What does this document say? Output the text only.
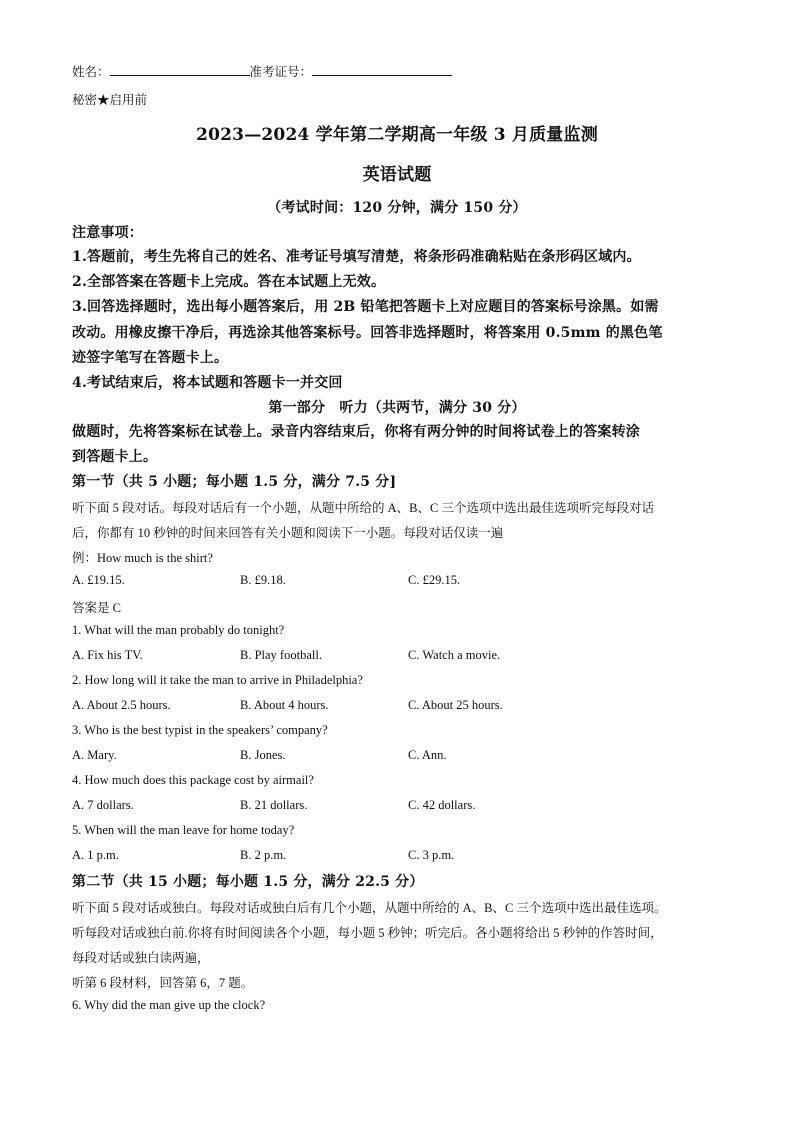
姓名：	准考证号：
秘密★启用前
2023—2024 学年第二学期高一年级 3 月质量监测
英语试题
（考试时间：120 分钟，满分 150 分）
注意事项：
1.答题前，考生先将自己的姓名、准考证号填写清楚，将条形码准确粘贴在条形码区域内。
2.全部答案在答题卡上完成。答在本试题上无效。
3.回答选择题时，选出每小题答案后，用 2B 铅笔把答题卡上对应题目的答案标号涂黑。如需
改动。用橡皮擦干净后，再选涂其他答案标号。回答非选择题时，将答案用 0.5mm 的黑色笔
迹签字笔写在答题卡上。
4.考试结束后，将本试题和答题卡一并交回
第一部分　听力（共两节，满分 30 分）
做题时，先将答案标在试卷上。录音内容结束后，你将有两分钟的时间将试卷上的答案转涂
到答题卡上。
第一节（共 5 小题；每小题 1.5 分，满分 7.5 分]
听下面 5 段对话。每段对话后有一个小题，从题中所给的 A、B、C 三个选项中选出最佳选项听完每段对话
后，你都有 10 秒钟的时间来回答有关小题和阅读下一小题。每段对话仅读一遍
例：How much is the shirt?
A. £19.15.	B. £9.18.	C. £29.15.
答案是 C
1. What will the man probably do tonight?
A. Fix his TV.	B. Play football.	C. Watch a movie.
2. How long will it take the man to arrive in Philadelphia?
A. About 2.5 hours.	B. About 4 hours.	C. About 25 hours.
3. Who is the best typist in the speakers’ company?
A. Mary.	B. Jones.	C. Ann.
4. How much does this package cost by airmail?
A. 7 dollars.	B. 21 dollars.	C. 42 dollars.
5. When will the man leave for home today?
A. 1 p.m.	B. 2 p.m.	C. 3 p.m.
第二节（共 15 小题；每小题 1.5 分，满分 22.5 分）
听下面 5 段对话或独白。每段对话或独白后有几个小题，从题中所给的 A、B、C 三个选项中选出最佳选项。
听每段对话或独白前.你将有时间阅读各个小题，每小题 5 秒钟；听完后。各小题将给出 5 秒钟的作答时间，
每段对话或独白读两遍，
听第 6 段材料，回答第 6，7 题。
6. Why did the man give up the clock?
